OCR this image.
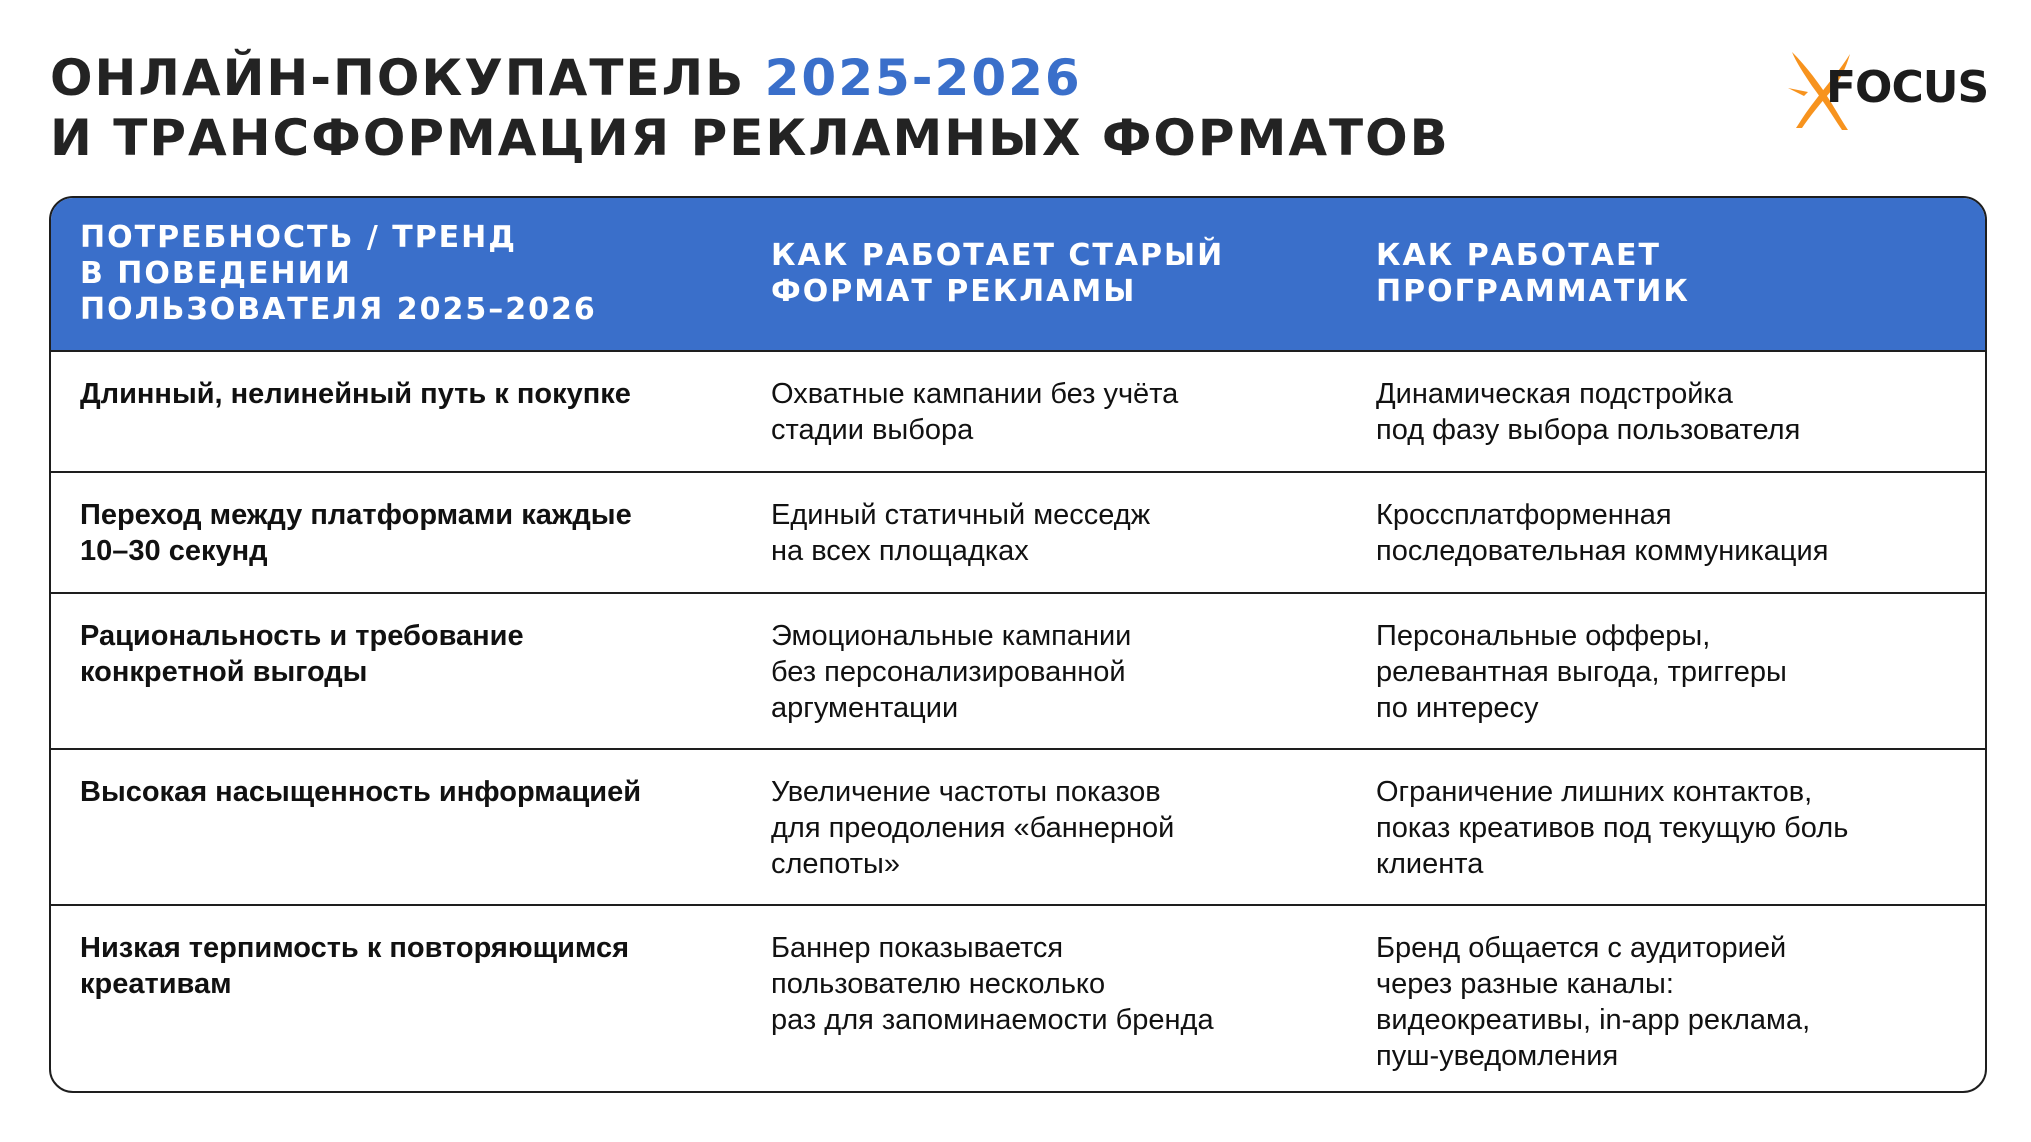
ОНЛАЙН-ПОКУПАТЕЛЬ 2025-2026
И ТРАНСФОРМАЦИЯ РЕКЛАМНЫХ ФОРМАТОВ
FOCUS
ПОТРЕБНОСТЬ / ТРЕНД
В ПОВЕДЕНИИ
ПОЛЬЗОВАТЕЛЯ 2025–2026
КАК РАБОТАЕТ СТАРЫЙ
ФОРМАТ РЕКЛАМЫ
КАК РАБОТАЕТ
ПРОГРАММАТИК
Длинный, нелинейный путь к покупке	Охватные кампании без учёта
стадии выбора
Динамическая подстройка
под фазу выбора пользователя
Переход между платформами каждые
10–30 секунд
Единый статичный месседж
на всех площадках
Кроссплатформенная
последовательная коммуникация
Рациональность и требование
конкретной выгоды
Эмоциональные кампании
без персонализированной
аргументации
Персональные офферы,
релевантная выгода, триггеры
по интересу
Высокая насыщенность информацией	Увеличение частоты показов
для преодоления «баннерной
слепоты»
Ограничение лишних контактов,
показ креативов под текущую боль
клиента
Низкая терпимость к повторяющимся
креативам
Баннер показывается
пользователю несколько
раз для запоминаемости бренда
Бренд общается с аудиторией
через разные каналы:
видеокреативы, in-app реклама,
пуш-уведомления
